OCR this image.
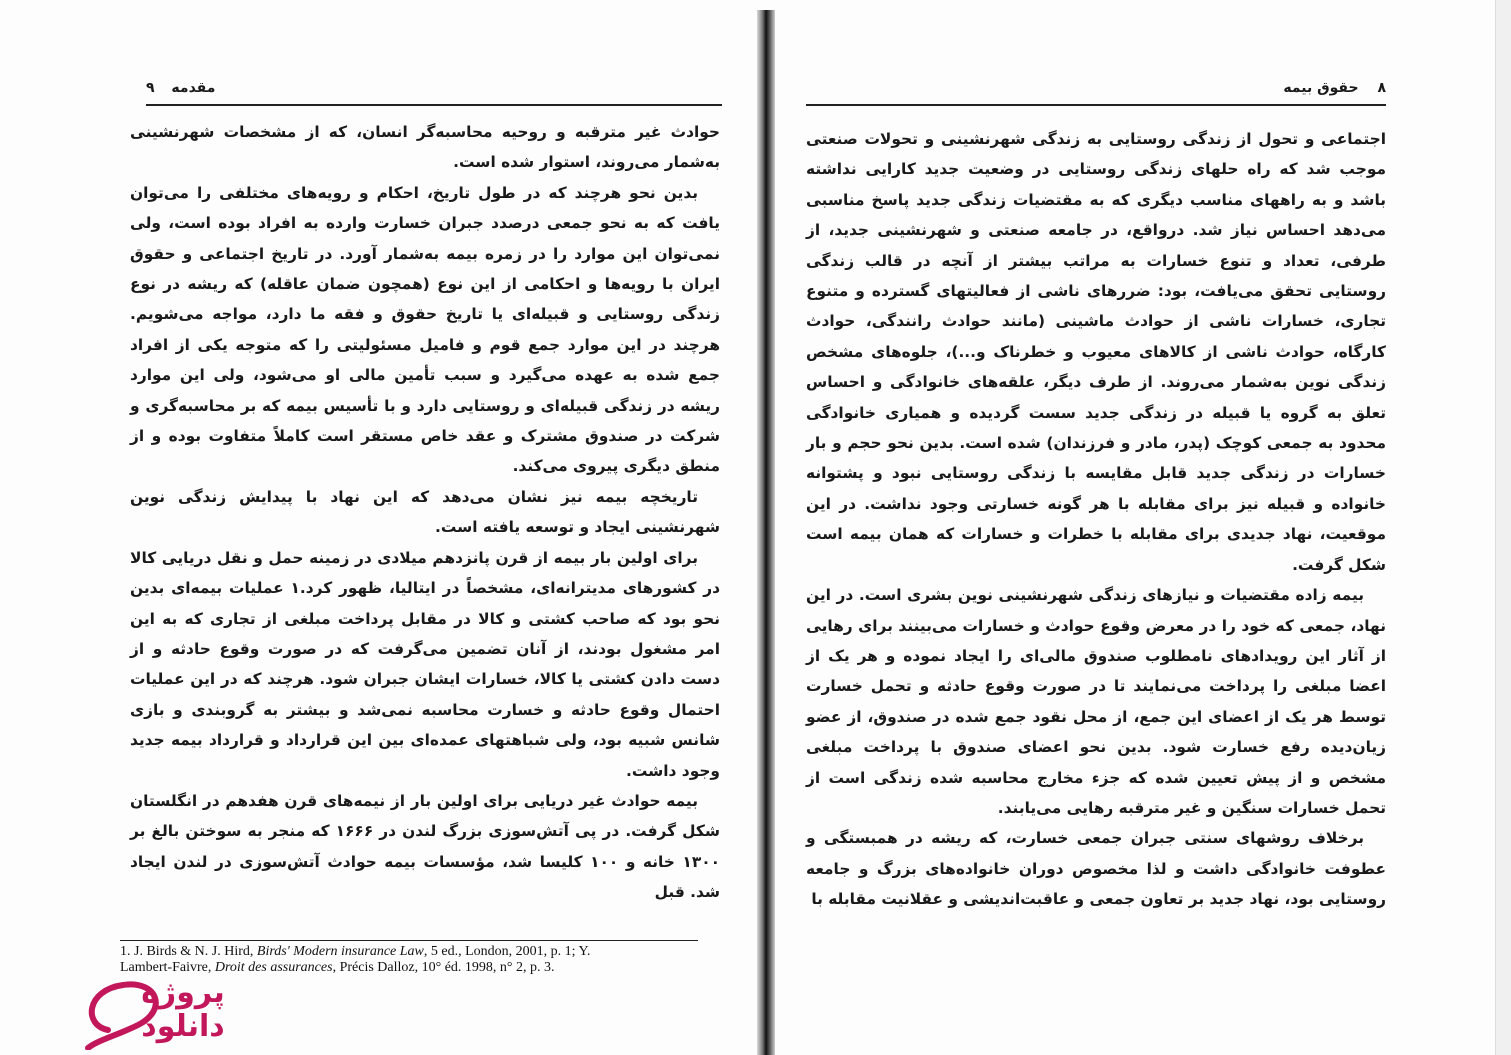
۹ مقدمه

حوادث غیر مترقبه و روحیه محاسبه‌گر انسان، که از مشخصات شهرنشینی به‌شمار می‌روند، استوار شده است.

بدین نحو هرچند که در طول تاریخ، احکام و رویه‌های مختلفی را می‌توان یافت که به نحو جمعی درصدد جبران خسارت وارده به افراد بوده است، ولی نمی‌توان این موارد را در زمره بیمه به‌شمار آورد. در تاریخ اجتماعی و حقوق ایران با رویه‌ها و احکامی از این نوع (همچون ضمان عاقله) که ریشه در نوع زندگی روستایی و قبیله‌ای یا تاریخ حقوق و فقه ما دارد، مواجه می‌شویم. هرچند در این موارد جمع قوم و فامیل مسئولیتی را که متوجه یکی از افراد جمع شده به عهده می‌گیرد و سبب تأمین مالی او می‌شود، ولی این موارد ریشه در زندگی قبیله‌ای و روستایی دارد و با تأسیس بیمه که بر محاسبه‌گری و شرکت در صندوق مشترک و عقد خاص مستقر است کاملاً متفاوت بوده و از منطق دیگری پیروی می‌کند.

تاریخچه بیمه نیز نشان می‌دهد که این نهاد با پیدایش زندگی نوین شهرنشینی ایجاد و توسعه یافته است.

برای اولین بار بیمه از قرن پانزدهم میلادی در زمینه حمل و نقل دریایی کالا در کشورهای مدیترانه‌ای، مشخصاً در ایتالیا، ظهور کرد.۱ عملیات بیمه‌ای بدین نحو بود که صاحب کشتی و کالا در مقابل پرداخت مبلغی از تجاری که به این امر مشغول بودند، از آنان تضمین می‌گرفت که در صورت وقوع حادثه و از دست دادن کشتی یا کالا، خسارات ایشان جبران شود. هرچند که در این عملیات احتمال وقوع حادثه و خسارت محاسبه نمی‌شد و بیشتر به گروبندی و بازی شانس شبیه بود، ولی شباهتهای عمده‌ای بین این قرارداد و قرارداد بیمه جدید وجود داشت.

بیمه حوادث غیر دریایی برای اولین بار از نیمه‌های قرن هفدهم در انگلستان شکل گرفت. در پی آتش‌سوزی بزرگ لندن در ۱۶۶۶ که منجر به سوختن بالغ بر ۱۳۰۰ خانه و ۱۰۰ کلیسا شد، مؤسسات بیمه حوادث آتش‌سوزی در لندن ایجاد شد. قبل

1. J. Birds & N. J. Hird, Birds' Modern insurance Law, 5 ed., London, 2001, p. 1; Y.
Lambert-Faivre, Droit des assurances, Précis Dalloz, 10° éd. 1998, n° 2, p. 3.
۸ حقوق بیمه

اجتماعی و تحول از زندگی روستایی به زندگی شهرنشینی و تحولات صنعتی موجب شد که راه حلهای زندگی روستایی در وضعیت جدید کارایی نداشته باشد و به راههای مناسب دیگری که به مقتضیات زندگی جدید پاسخ مناسبی می‌دهد احساس نیاز شد. درواقع، در جامعه صنعتی و شهرنشینی جدید، از طرفی، تعداد و تنوع خسارات به مراتب بیشتر از آنچه در قالب زندگی روستایی تحقق می‌یافت، بود: ضررهای ناشی از فعالیتهای گسترده و متنوع تجاری، خسارات ناشی از حوادث ماشینی (مانند حوادث رانندگی، حوادث کارگاه، حوادث ناشی از کالاهای معیوب و خطرناک و...)، جلوه‌های مشخص زندگی نوین به‌شمار می‌روند. از طرف دیگر، علقه‌های خانوادگی و احساس تعلق به گروه یا قبیله در زندگی جدید سست گردیده و همیاری خانوادگی محدود به جمعی کوچک (پدر، مادر و فرزندان) شده است. بدین نحو حجم و بار خسارات در زندگی جدید قابل مقایسه با زندگی روستایی نبود و پشتوانه خانواده و قبیله نیز برای مقابله با هر گونه خسارتی وجود نداشت. در این موقعیت، نهاد جدیدی برای مقابله با خطرات و خسارات که همان بیمه است شکل گرفت.

بیمه زاده مقتضیات و نیازهای زندگی شهرنشینی نوین بشری است. در این نهاد، جمعی که خود را در معرض وقوع حوادث و خسارات می‌بینند برای رهایی از آثار این رویدادهای نامطلوب صندوق مالی‌ای را ایجاد نموده و هر یک از اعضا مبلغی را پرداخت می‌نمایند تا در صورت وقوع حادثه و تحمل خسارت توسط هر یک از اعضای این جمع، از محل نقود جمع شده در صندوق، از عضو زیان‌دیده رفع خسارت شود. بدین نحو اعضای صندوق با پرداخت مبلغی مشخص و از پیش تعیین شده که جزء مخارج محاسبه شده زندگی است از تحمل خسارات سنگین و غیر مترقبه رهایی می‌یابند.

برخلاف روشهای سنتی جبران جمعی خسارت، که ریشه در همبستگی و عطوفت خانوادگی داشت و لذا مخصوص دوران خانواده‌های بزرگ و جامعه روستایی بود، نهاد جدید بر تعاون جمعی و عاقبت‌اندیشی و عقلانیت مقابله با

پروژه دانلود
